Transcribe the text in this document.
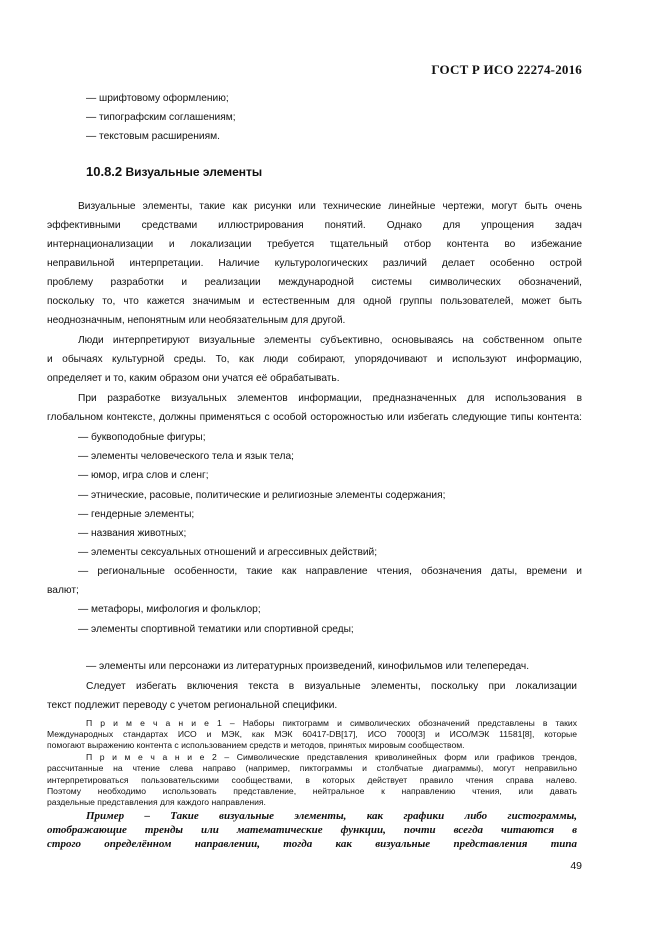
ГОСТ Р ИСО 22274-2016
— шрифтовому оформлению;
— типографским соглашениям;
— текстовым расширениям.
10.8.2 Визуальные элементы
Визуальные элементы, такие как рисунки или технические линейные чертежи, могут быть очень
эффективными средствами иллюстрирования понятий. Однако для упрощения задач
интернационализации и локализации требуется тщательный отбор контента во избежание
неправильной интерпретации. Наличие культурологических различий делает особенно острой
проблему разработки и реализации международной системы символических обозначений,
поскольку то, что кажется значимым и естественным для одной группы пользователей, может быть
неоднозначным, непонятным или необязательным для другой.
Люди интерпретируют визуальные элементы субъективно, основываясь на собственном опыте
и обычаях культурной среды. То, как люди собирают, упорядочивают и используют информацию,
определяет и то, каким образом они учатся её обрабатывать.
При разработке визуальных элементов информации, предназначенных для использования в
глобальном контексте, должны применяться с особой осторожностью или избегать следующие типы контента:
— буквоподобные фигуры;
— элементы человеческого тела и язык тела;
— юмор, игра слов и сленг;
— этнические, расовые, политические и религиозные элементы содержания;
— гендерные элементы;
— названия животных;
— элементы сексуальных отношений и агрессивных действий;
— региональные особенности, такие как направление чтения, обозначения даты, времени и
валют;
— метафоры, мифология и фольклор;
— элементы спортивной тематики или спортивной среды;
— элементы или персонажи из литературных произведений, кинофильмов или телепередач.
Следует избегать включения текста в визуальные элементы, поскольку при локализации
текст подлежит переводу с учетом региональной специфики.
П р и м е ч а н и е 1 – Наборы пиктограмм и символических обозначений представлены в таких
Международных стандартах ИСО и МЭК, как МЭК 60417-DB[17], ИСО 7000[3] и ИСО/МЭК 11581[8], которые
помогают выражению контента с использованием средств и методов, принятых мировым сообществом.
П р и м е ч а н и е 2 – Символические представления криволинейных форм или графиков трендов,
рассчитанные на чтение слева направо (например, пиктограммы и столбчатые диаграммы), могут неправильно
интерпретироваться пользовательскими сообществами, в которых действует правило чтения справа налево.
Поэтому необходимо использовать представление, нейтральное к направлению чтения, или давать
раздельные представления для каждого направления.
Пример – Такие визуальные элементы, как графики либо гистограммы,
отображающие тренды или математические функции, почти всегда читаются в
строго определённом направлении, тогда как визуальные представления типа
49
